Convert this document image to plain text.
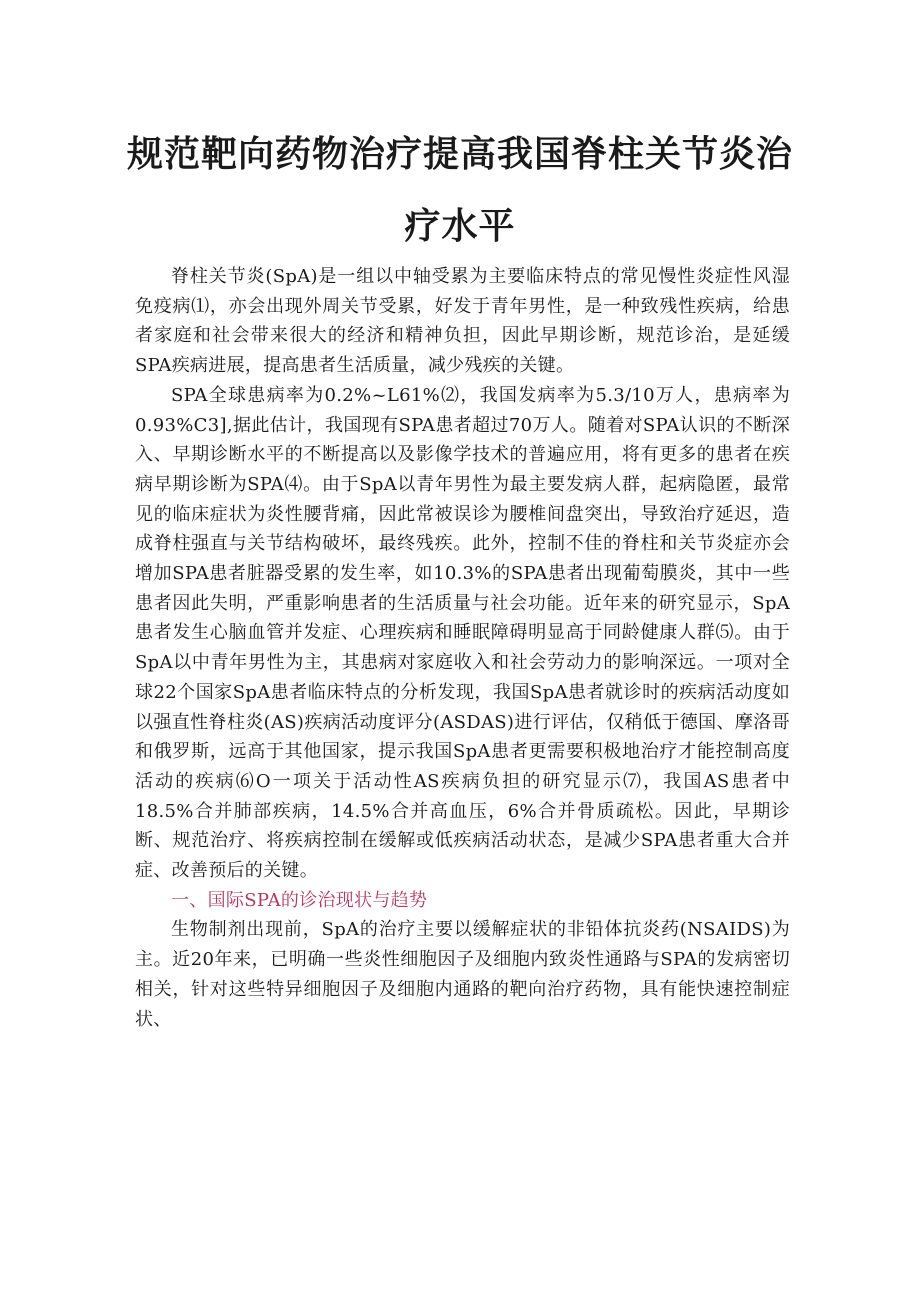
规范靶向药物治疗提高我国脊柱关节炎治
疗水平

脊柱关节炎(SpA)是一组以中轴受累为主要临床特点的常见慢性炎症性风湿免疫病⑴，亦会出现外周关节受累，好发于青年男性，是一种致残性疾病，给患者家庭和社会带来很大的经济和精神负担，因此早期诊断，规范诊治，是延缓SPA疾病进展，提高患者生活质量，减少残疾的关键。

SPA全球患病率为0.2%~L61%⑵，我国发病率为5.3/10万人，患病率为0.93%C3],据此估计，我国现有SPA患者超过70万人。随着对SPA认识的不断深入、早期诊断水平的不断提高以及影像学技术的普遍应用，将有更多的患者在疾病早期诊断为SPA⑷。由于SpA以青年男性为最主要发病人群，起病隐匿，最常见的临床症状为炎性腰背痛，因此常被误诊为腰椎间盘突出，导致治疗延迟，造成脊柱强直与关节结构破坏，最终残疾。此外，控制不佳的脊柱和关节炎症亦会增加SPA患者脏器受累的发生率，如10.3%的SPA患者出现葡萄膜炎，其中一些患者因此失明，严重影响患者的生活质量与社会功能。近年来的研究显示，SpA患者发生心脑血管并发症、心理疾病和睡眠障碍明显高于同龄健康人群⑸。由于SpA以中青年男性为主，其患病对家庭收入和社会劳动力的影响深远。一项对全球22个国家SpA患者临床特点的分析发现，我国SpA患者就诊时的疾病活动度如以强直性脊柱炎(AS)疾病活动度评分(ASDAS)进行评估，仅稍低于德国、摩洛哥和俄罗斯，远高于其他国家，提示我国SpA患者更需要积极地治疗才能控制高度活动的疾病⑹O一项关于活动性AS疾病负担的研究显示⑺，我国AS患者中18.5%合并肺部疾病，14.5%合并高血压，6%合并骨质疏松。因此，早期诊断、规范治疗、将疾病控制在缓解或低疾病活动状态，是减少SPA患者重大合并症、改善预后的关键。

一、国际SPA的诊治现状与趋势

生物制剂出现前，SpA的治疗主要以缓解症状的非铅体抗炎药(NSAIDS)为主。近20年来，已明确一些炎性细胞因子及细胞内致炎性通路与SPA的发病密切相关，针对这些特异细胞因子及细胞内通路的靶向治疗药物，具有能快速控制症状、
